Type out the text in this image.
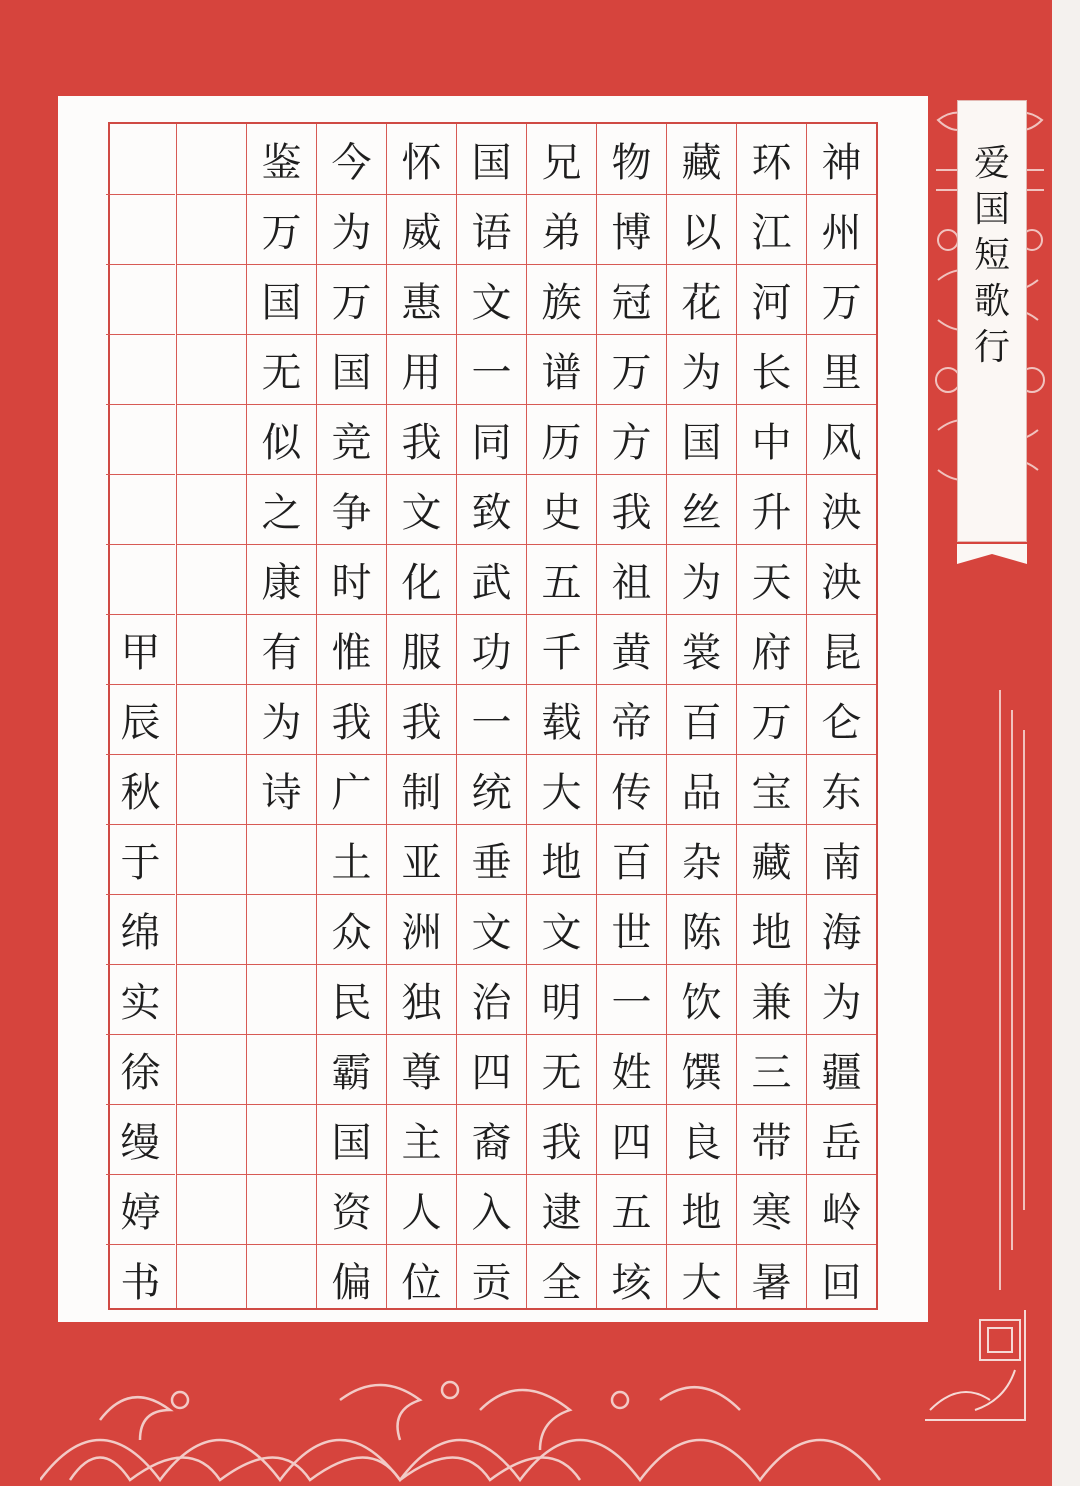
爱
国
短
歌
行
神
州
万
里
风
泱
泱
昆
仑
东
南
海
为
疆
岳
岭
回
环
江
河
长
中
升
天
府
万
宝
藏
地
兼
三
带
寒
暑
藏
以
花
为
国
丝
为
裳
百
品
杂
陈
饮
馔
良
地
大
物
博
冠
万
方
我
祖
黄
帝
传
百
世
一
姓
四
五
垓
兄
弟
族
谱
历
史
五
千
载
大
地
文
明
无
我
逮
全
国
语
文
一
同
致
武
功
一
统
垂
文
治
四
裔
入
贡
怀
威
惠
用
我
文
化
服
我
制
亚
洲
独
尊
主
人
位
今
为
万
国
竞
争
时
惟
我
广
土
众
民
霸
国
资
偏
鉴
万
国
无
似
之
康
有
为
诗
甲
辰
秋
于
绵
实
徐
缦
婷
书
